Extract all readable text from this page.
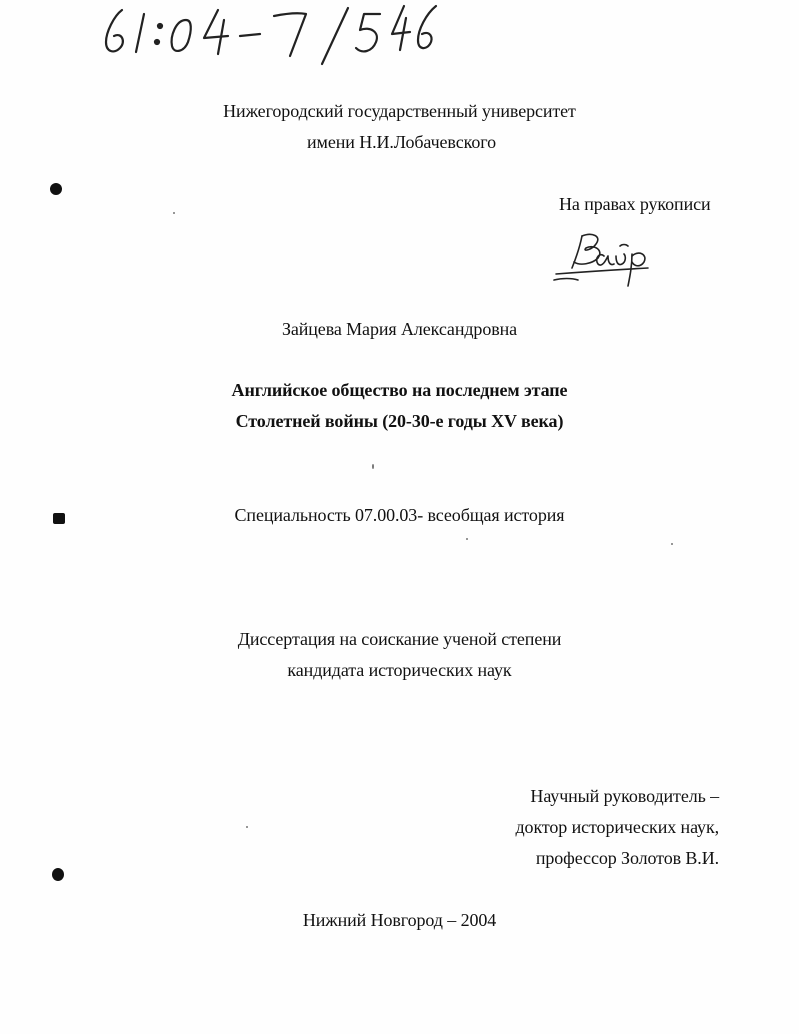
Нижегородский государственный университет
имени Н.И.Лобачевского
На правах рукописи
Зайцева Мария Александровна
Английское общество на последнем этапе
Столетней войны (20-30-е годы XV века)
Специальность 07.00.03- всеобщая история
Диссертация на соискание ученой степени
кандидата исторических наук
Научный руководитель –
доктор исторических наук,
профессор Золотов В.И.
Нижний Новгород – 2004
